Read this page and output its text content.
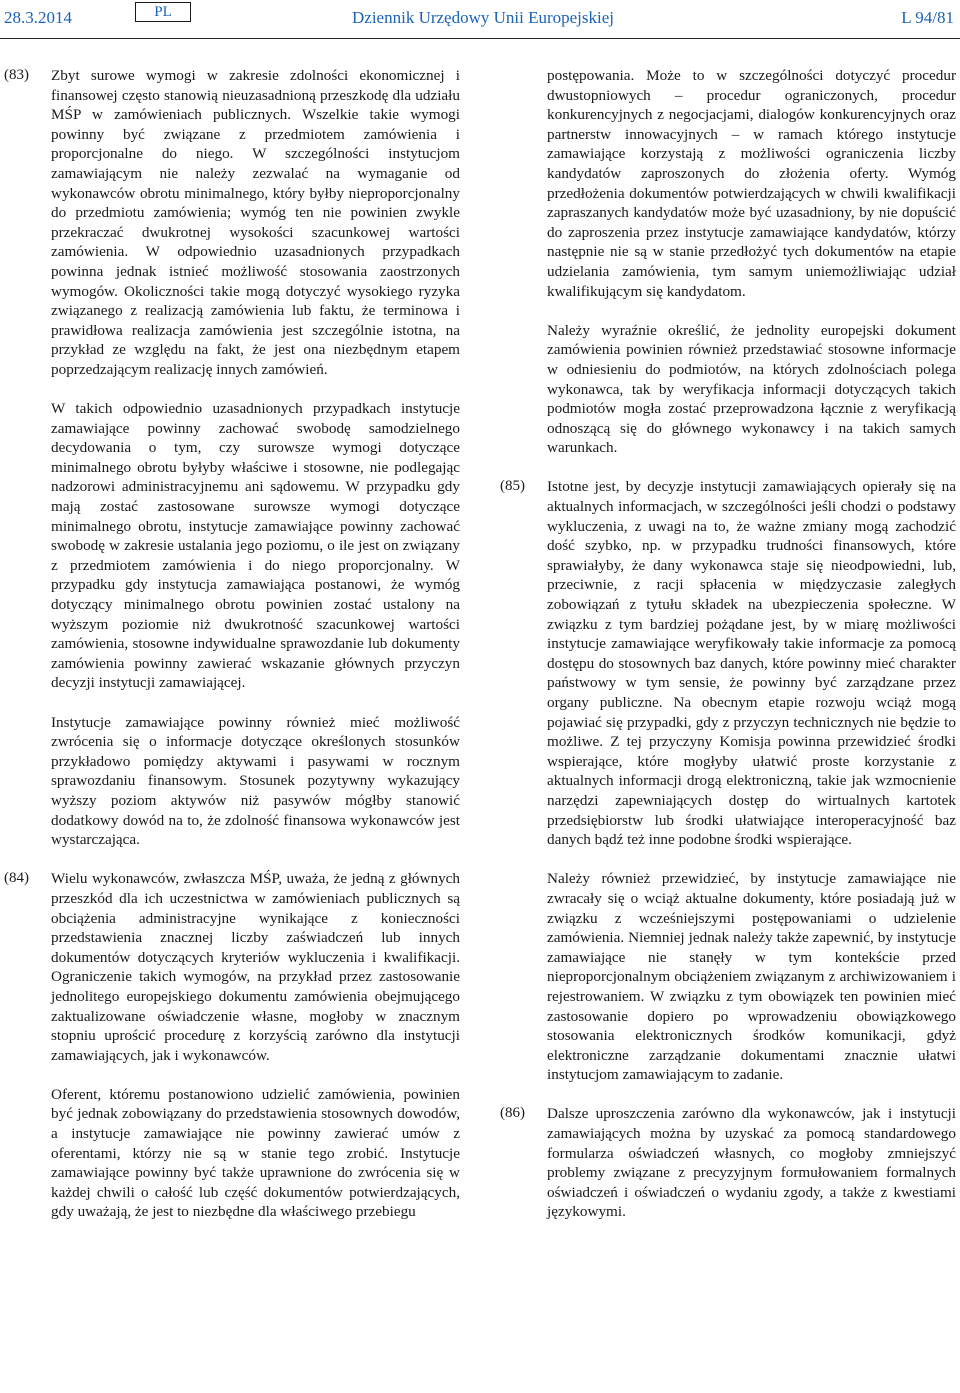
28.3.2014	PL	Dziennik Urzędowy Unii Europejskiej	L 94/81
(83)	Zbyt surowe wymogi w zakresie zdolności ekonomicznej i finansowej często stanowią nieuzasadnioną przeszkodę dla udziału MŚP w zamówieniach publicznych. Wszelkie takie wymogi powinny być związane z przedmiotem zamówienia i proporcjonalne do niego. W szczególności instytucjom zamawiającym nie należy zezwalać na wymaganie od wykonawców obrotu minimalnego, który byłby nieproporcjonalny do przedmiotu zamówienia; wymóg ten nie powinien zwykle przekraczać dwukrotnej wysokości szacunkowej wartości zamówienia. W odpowiednio uzasadnionych przypadkach powinna jednak istnieć możliwość stosowania zaostrzonych wymogów. Okoliczności takie mogą dotyczyć wysokiego ryzyka związanego z realizacją zamówienia lub faktu, że terminowa i prawidłowa realizacja zamówienia jest szczególnie istotna, na przykład ze względu na fakt, że jest ona niezbędnym etapem poprzedzającym realizację innych zamówień.

W takich odpowiednio uzasadnionych przypadkach instytucje zamawiające powinny zachować swobodę samodzielnego decydowania o tym, czy surowsze wymogi dotyczące minimalnego obrotu byłyby właściwe i stosowne, nie podlegając nadzorowi administracyjnemu ani sądowemu. W przypadku gdy mają zostać zastosowane surowsze wymogi dotyczące minimalnego obrotu, instytucje zamawiające powinny zachować swobodę w zakresie ustalania jego poziomu, o ile jest on związany z przedmiotem zamówienia i do niego proporcjonalny. W przypadku gdy instytucja zamawiająca postanowi, że wymóg dotyczący minimalnego obrotu powinien zostać ustalony na wyższym poziomie niż dwukrotność szacunkowej wartości zamówienia, stosowne indywidualne sprawozdanie lub dokumenty zamówienia powinny zawierać wskazanie głównych przyczyn decyzji instytucji zamawiającej.

Instytucje zamawiające powinny również mieć możliwość zwrócenia się o informacje dotyczące określonych stosunków przykładowo pomiędzy aktywami i pasywami w rocznym sprawozdaniu finansowym. Stosunek pozytywny wykazujący wyższy poziom aktywów niż pasywów mógłby stanowić dodatkowy dowód na to, że zdolność finansowa wykonawców jest wystarczająca.

(84)	Wielu wykonawców, zwłaszcza MŚP, uważa, że jedną z głównych przeszkód dla ich uczestnictwa w zamówieniach publicznych są obciążenia administracyjne wynikające z konieczności przedstawienia znacznej liczby zaświadczeń lub innych dokumentów dotyczących kryteriów wykluczenia i kwalifikacji. Ograniczenie takich wymogów, na przykład przez zastosowanie jednolitego europejskiego dokumentu zamówienia obejmującego zaktualizowane oświadczenie własne, mogłoby w znacznym stopniu uprościć procedurę z korzyścią zarówno dla instytucji zamawiających, jak i wykonawców.

Oferent, któremu postanowiono udzielić zamówienia, powinien być jednak zobowiązany do przedstawienia stosownych dowodów, a instytucje zamawiające nie powinny zawierać umów z oferentami, którzy nie są w stanie tego zrobić. Instytucje zamawiające powinny być także uprawnione do zwrócenia się w każdej chwili o całość lub część dokumentów potwierdzających, gdy uważają, że jest to niezbędne dla właściwego przebiegu

postępowania. Może to w szczególności dotyczyć procedur dwustopniowych – procedur ograniczonych, procedur konkurencyjnych z negocjacjami, dialogów konkurencyjnych oraz partnerstw innowacyjnych – w ramach którego instytucje zamawiające korzystają z możliwości ograniczenia liczby kandydatów zaproszonych do złożenia oferty. Wymóg przedłożenia dokumentów potwierdzających w chwili kwalifikacji zapraszanych kandydatów może być uzasadniony, by nie dopuścić do zaproszenia przez instytucje zamawiające kandydatów, którzy następnie nie są w stanie przedłożyć tych dokumentów na etapie udzielania zamówienia, tym samym uniemożliwiając udział kwalifikującym się kandydatom.

Należy wyraźnie określić, że jednolity europejski dokument zamówienia powinien również przedstawiać stosowne informacje w odniesieniu do podmiotów, na których zdolnościach polega wykonawca, tak by weryfikacja informacji dotyczących takich podmiotów mogła zostać przeprowadzona łącznie z weryfikacją odnoszącą się do głównego wykonawcy i na takich samych warunkach.

(85)	Istotne jest, by decyzje instytucji zamawiających opierały się na aktualnych informacjach, w szczególności jeśli chodzi o podstawy wykluczenia, z uwagi na to, że ważne zmiany mogą zachodzić dość szybko, np. w przypadku trudności finansowych, które sprawiałyby, że dany wykonawca staje się nieodpowiedni, lub, przeciwnie, z racji spłacenia w międzyczasie zaległych zobowiązań z tytułu składek na ubezpieczenia społeczne. W związku z tym bardziej pożądane jest, by w miarę możliwości instytucje zamawiające weryfikowały takie informacje za pomocą dostępu do stosownych baz danych, które powinny mieć charakter państwowy w tym sensie, że powinny być zarządzane przez organy publiczne. Na obecnym etapie rozwoju wciąż mogą pojawiać się przypadki, gdy z przyczyn technicznych nie będzie to możliwe. Z tej przyczyny Komisja powinna przewidzieć środki wspierające, które mogłyby ułatwić proste korzystanie z aktualnych informacji drogą elektroniczną, takie jak wzmocnienie narzędzi zapewniających dostęp do wirtualnych kartotek przedsiębiorstw lub środki ułatwiające interoperacyjność baz danych bądź też inne podobne środki wspierające.

Należy również przewidzieć, by instytucje zamawiające nie zwracały się o wciąż aktualne dokumenty, które posiadają już w związku z wcześniejszymi postępowaniami o udzielenie zamówienia. Niemniej jednak należy także zapewnić, by instytucje zamawiające nie stanęły w tym kontekście przed nieproporcjonalnym obciążeniem związanym z archiwizowaniem i rejestrowaniem. W związku z tym obowiązek ten powinien mieć zastosowanie dopiero po wprowadzeniu obowiązkowego stosowania elektronicznych środków komunikacji, gdyż elektroniczne zarządzanie dokumentami znacznie ułatwi instytucjom zamawiającym to zadanie.

(86)	Dalsze uproszczenia zarówno dla wykonawców, jak i instytucji zamawiających można by uzyskać za pomocą standardowego formularza oświadczeń własnych, co mogłoby zmniejszyć problemy związane z precyzyjnym formułowaniem formalnych oświadczeń i oświadczeń o wydaniu zgody, a także z kwestiami językowymi.
